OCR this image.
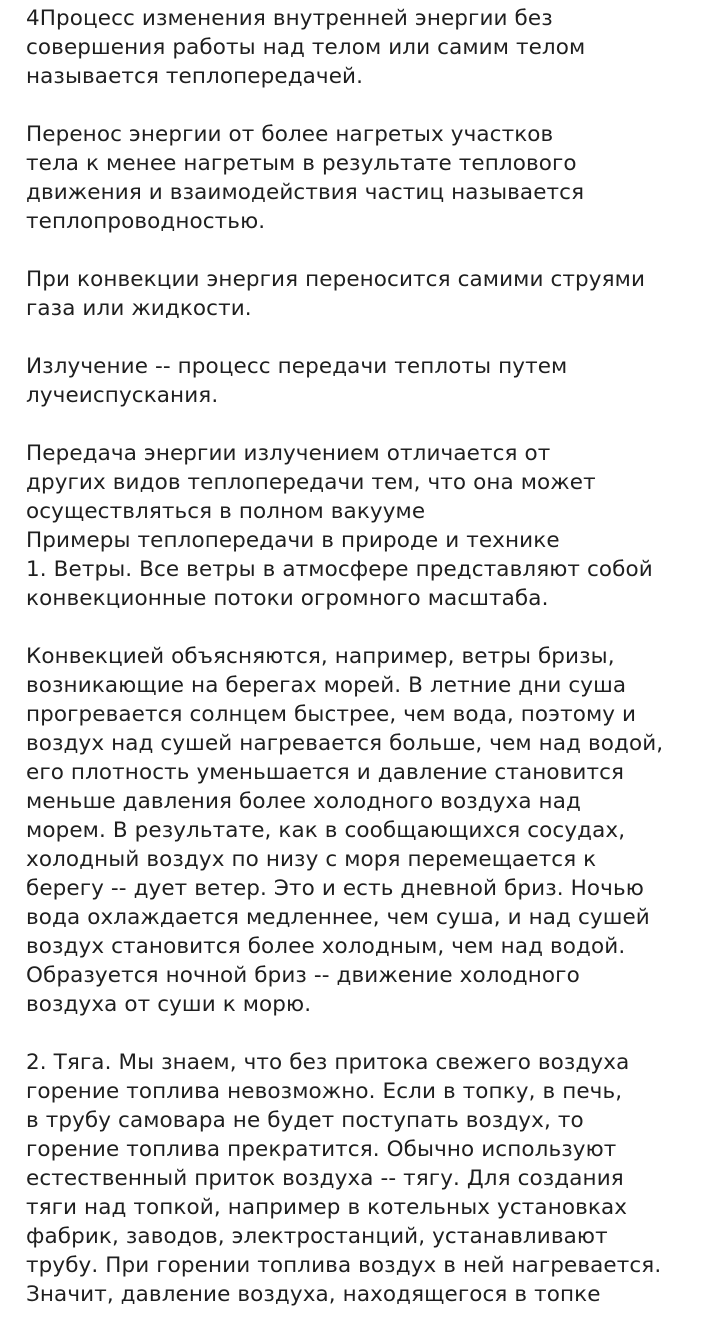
4Процесс изменения внутренней энергии без
совершения работы над телом или самим телом
называется теплопередачей.
Перенос энергии от более нагретых участков
тела к менее нагретым в результате теплового
движения и взаимодействия частиц называется
теплопроводностью.
При конвекции энергия переносится самими струями
газа или жидкости.
Излучение -- процесс передачи теплоты путем
лучеиспускания.
Передача энергии излучением отличается от
других видов теплопередачи тем, что она может
осуществляться в полном вакууме
Примеры теплопередачи в природе и технике
1. Ветры. Все ветры в атмосфере представляют собой
конвекционные потоки огромного масштаба.
Конвекцией объясняются, например, ветры бризы,
возникающие на берегах морей. В летние дни суша
прогревается солнцем быстрее, чем вода, поэтому и
воздух над сушей нагревается больше, чем над водой,
его плотность уменьшается и давление становится
меньше давления более холодного воздуха над
морем. В результате, как в сообщающихся сосудах,
холодный воздух по низу с моря перемещается к
берегу -- дует ветер. Это и есть дневной бриз. Ночью
вода охлаждается медленнее, чем суша, и над сушей
воздух становится более холодным, чем над водой.
Образуется ночной бриз -- движение холодного
воздуха от суши к морю.
2. Тяга. Мы знаем, что без притока свежего воздуха
горение топлива невозможно. Если в топку, в печь,
в трубу самовара не будет поступать воздух, то
горение топлива прекратится. Обычно используют
естественный приток воздуха -- тягу. Для создания
тяги над топкой, например в котельных установках
фабрик, заводов, электростанций, устанавливают
трубу. При горении топлива воздух в ней нагревается.
Значит, давление воздуха, находящегося в топке
